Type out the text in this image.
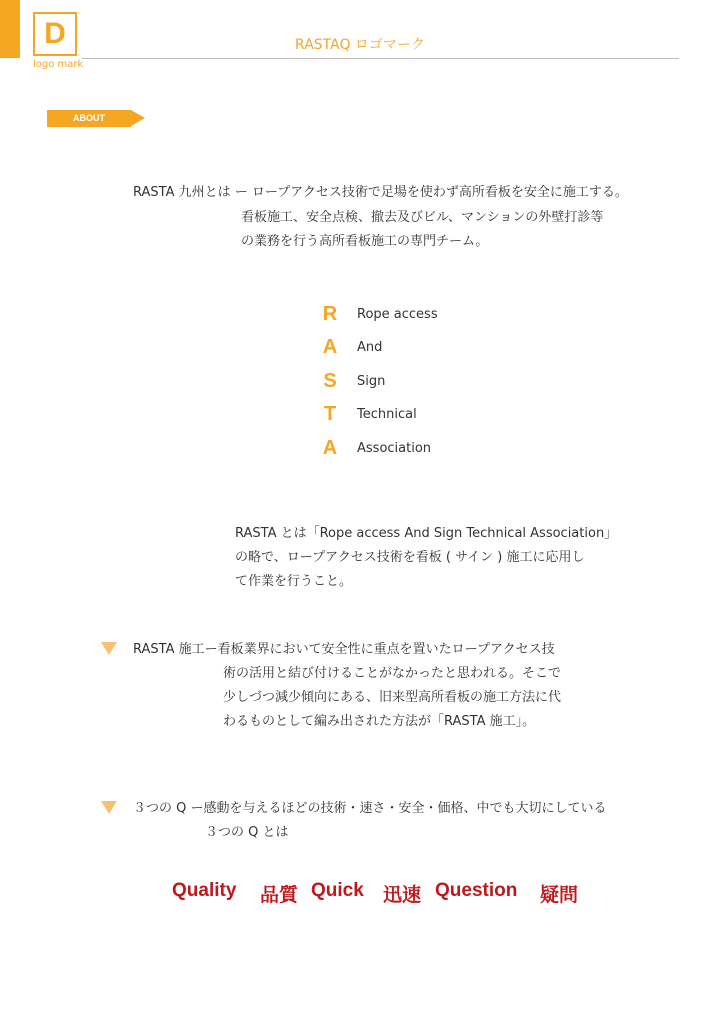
D
logo mark
RASTAQ ロゴマーク
ABOUT
RASTA 九州とは ー ロープアクセス技術で足場を使わず高所看板を安全に施工する。
看板施工、安全点検、撤去及びビル、マンションの外壁打診等
の業務を行う高所看板施工の専門チーム。
R Rope access
A And
S Sign
T Technical
A Association
RASTA とは「Rope access And Sign Technical Association」
の略で、ロープアクセス技術を看板 ( サイン ) 施工に応用し
て作業を行うこと。
RASTA 施工ー看板業界において安全性に重点を置いたロープアクセス技
術の活用と結び付けることがなかったと思われる。そこで
少しづつ減少傾向にある、旧来型高所看板の施工方法に代
わるものとして編み出された方法が「RASTA 施工」。
３つの Q ー感動を与えるほどの技術・速さ・安全・価格、中でも大切にしている
３つの Q とは
Quality 品質 Quick 迅速 Question 疑問
